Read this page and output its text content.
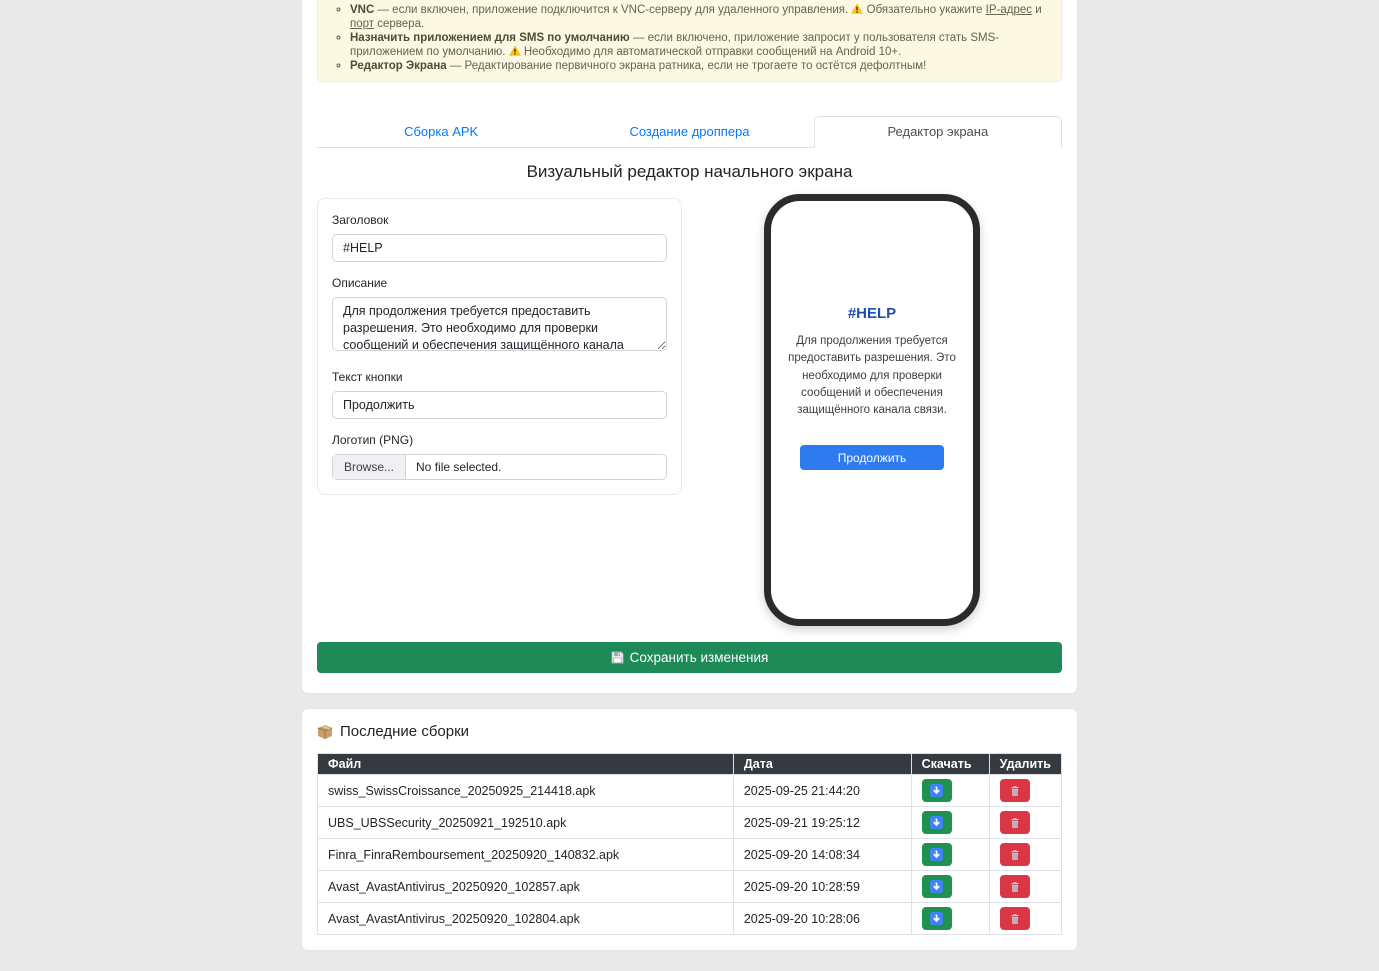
◦ VNC — если включен, приложение подключится к VNC-серверу для удаленного управления. Обязательно укажите IP-адрес и порт сервера.
◦ Назначить приложением для SMS по умолчанию — если включено, приложение запросит у пользователя стать SMS-приложением по умолчанию. Необходимо для автоматической отправки сообщений на Android 10+.
◦ Редактор Экрана — Редактирование первичного экрана ратника, если не трогаете то остётся дефолтным!
Сборка APK	Создание дроппера	Редактор экрана
Визуальный редактор начального экрана
Заголовок
#HELP
Описание
Для продолжения требуется предоставить разрешения. Это необходимо для проверки сообщений и обеспечения защищённого канала связи.
Текст кнопки
Продолжить
Логотип (PNG)
Browse...	No file selected.
#HELP
Для продолжения требуется предоставить разрешения. Это необходимо для проверки сообщений и обеспечения защищённого канала связи.
Продолжить
Сохранить изменения
Последние сборки
Файл	Дата	Скачать	Удалить
swiss_SwissCroissance_20250925_214418.apk	2025-09-25 21:44:20	

UBS_UBSSecurity_20250921_192510.apk	2025-09-21 19:25:12	

Finra_FinraRemboursement_20250920_140832.apk	2025-09-20 14:08:34	

Avast_AvastAntivirus_20250920_102857.apk	2025-09-20 10:28:59	

Avast_AvastAntivirus_20250920_102804.apk	2025-09-20 10:28:06	
